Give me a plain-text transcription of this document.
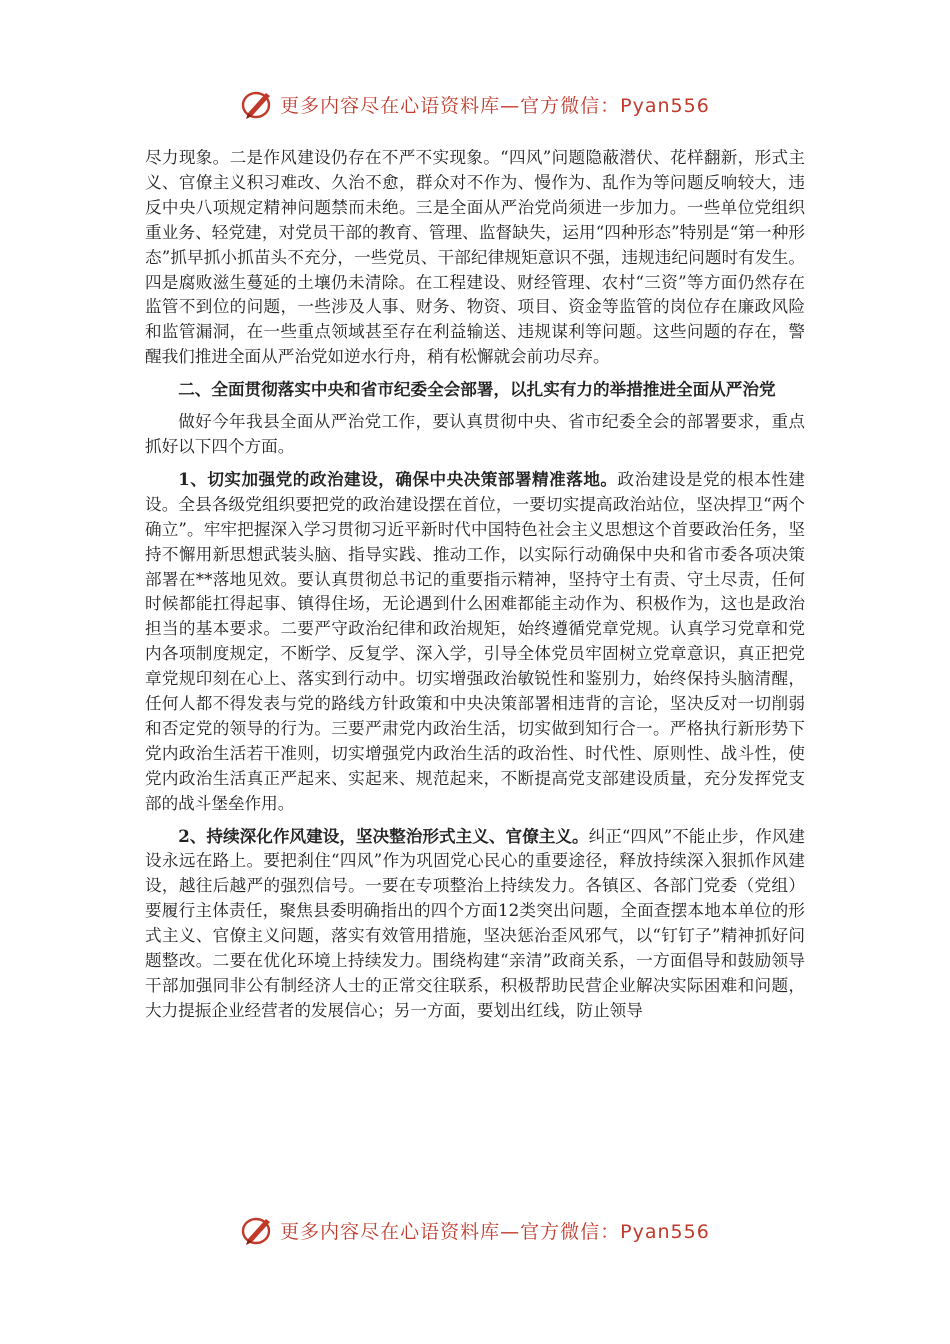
更多内容尽在心语资料库—官方微信：Pyan556

尽力现象。二是作风建设仍存在不严不实现象。“四风”问题隐蔽潜伏、花样翻新，形式主义、官僚主义积习难改、久治不愈，群众对不作为、慢作为、乱作为等问题反响较大，违反中央八项规定精神问题禁而未绝。三是全面从严治党尚须进一步加力。一些单位党组织重业务、轻党建，对党员干部的教育、管理、监督缺失，运用“四种形态”特别是“第一种形态”抓早抓小抓苗头不充分，一些党员、干部纪律规矩意识不强，违规违纪问题时有发生。四是腐败滋生蔓延的土壤仍未清除。在工程建设、财经管理、农村“三资”等方面仍然存在监管不到位的问题，一些涉及人事、财务、物资、项目、资金等监管的岗位存在廉政风险和监管漏洞，在一些重点领域甚至存在利益输送、违规谋利等问题。这些问题的存在，警醒我们推进全面从严治党如逆水行舟，稍有松懈就会前功尽弃。

二、全面贯彻落实中央和省市纪委全会部署，以扎实有力的举措推进全面从严治党

做好今年我县全面从严治党工作，要认真贯彻中央、省市纪委全会的部署要求，重点抓好以下四个方面。

1、切实加强党的政治建设，确保中央决策部署精准落地。政治建设是党的根本性建设。全县各级党组织要把党的政治建设摆在首位，一要切实提高政治站位，坚决捍卫“两个确立”。牢牢把握深入学习贯彻习近平新时代中国特色社会主义思想这个首要政治任务，坚持不懈用新思想武装头脑、指导实践、推动工作，以实际行动确保中央和省市委各项决策部署在**落地见效。要认真贯彻总书记的重要指示精神，坚持守土有责、守土尽责，任何时候都能扛得起事、镇得住场，无论遇到什么困难都能主动作为、积极作为，这也是政治担当的基本要求。二要严守政治纪律和政治规矩，始终遵循党章党规。认真学习党章和党内各项制度规定，不断学、反复学、深入学，引导全体党员牢固树立党章意识，真正把党章党规印刻在心上、落实到行动中。切实增强政治敏锐性和鉴别力，始终保持头脑清醒，任何人都不得发表与党的路线方针政策和中央决策部署相违背的言论，坚决反对一切削弱和否定党的领导的行为。三要严肃党内政治生活，切实做到知行合一。严格执行新形势下党内政治生活若干准则，切实增强党内政治生活的政治性、时代性、原则性、战斗性，使党内政治生活真正严起来、实起来、规范起来，不断提高党支部建设质量，充分发挥党支部的战斗堡垒作用。

2、持续深化作风建设，坚决整治形式主义、官僚主义。纠正“四风”不能止步，作风建设永远在路上。要把刹住“四风”作为巩固党心民心的重要途径，释放持续深入狠抓作风建设，越往后越严的强烈信号。一要在专项整治上持续发力。各镇区、各部门党委（党组）要履行主体责任，聚焦县委明确指出的四个方面12类突出问题，全面查摆本地本单位的形式主义、官僚主义问题，落实有效管用措施，坚决惩治歪风邪气，以“钉钉子”精神抓好问题整改。二要在优化环境上持续发力。围绕构建“亲清”政商关系，一方面倡导和鼓励领导干部加强同非公有制经济人士的正常交往联系，积极帮助民营企业解决实际困难和问题，大力提振企业经营者的发展信心；另一方面，要划出红线，防止领导

更多内容尽在心语资料库—官方微信：Pyan556
